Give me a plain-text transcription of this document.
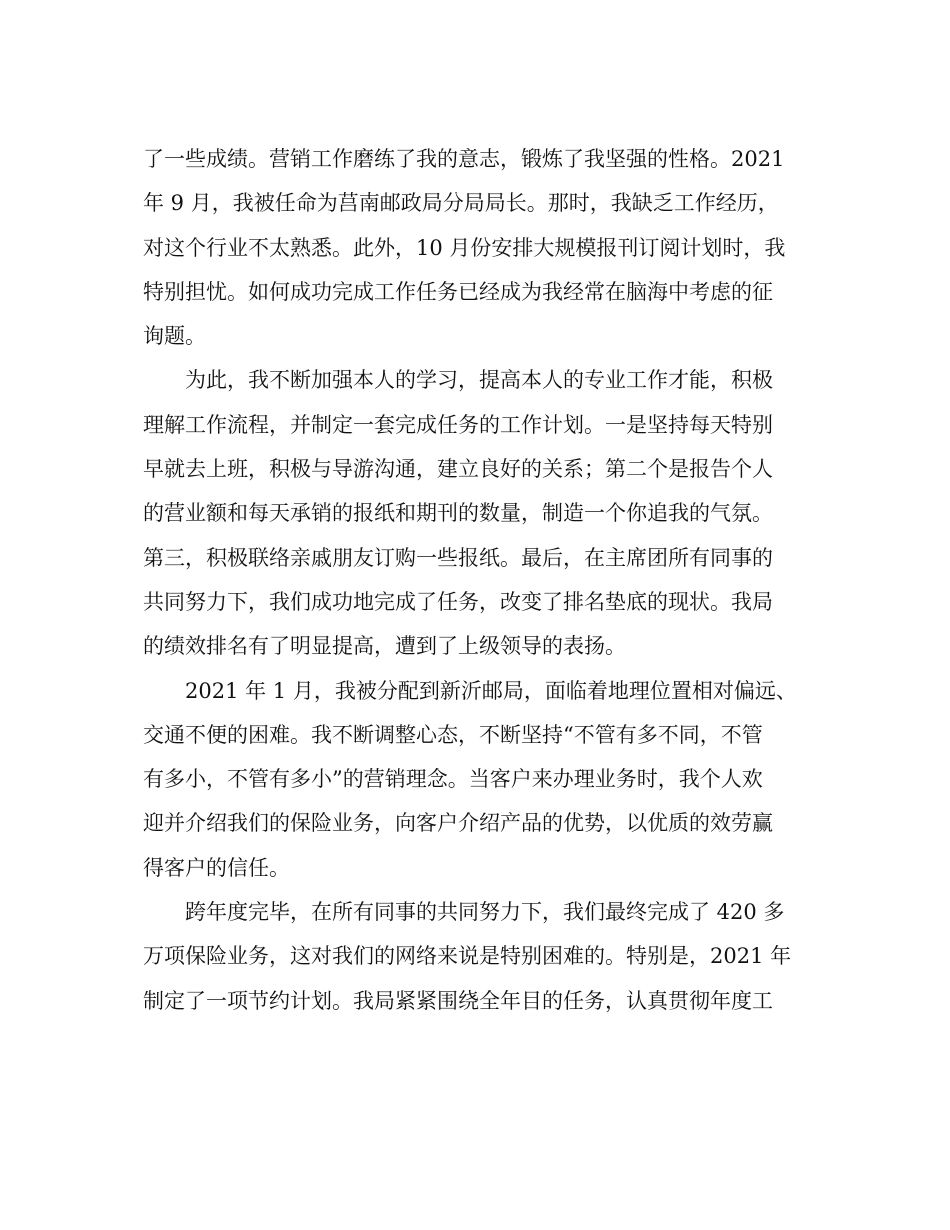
了一些成绩。营销工作磨练了我的意志，锻炼了我坚强的性格。2021
年 9 月，我被任命为莒南邮政局分局局长。那时，我缺乏工作经历，
对这个行业不太熟悉。此外，10 月份安排大规模报刊订阅计划时，我
特别担忧。如何成功完成工作任务已经成为我经常在脑海中考虑的征
询题。
为此，我不断加强本人的学习，提高本人的专业工作才能，积极
理解工作流程，并制定一套完成任务的工作计划。一是坚持每天特别
早就去上班，积极与导游沟通，建立良好的关系；第二个是报告个人
的营业额和每天承销的报纸和期刊的数量，制造一个你追我的气氛。
第三，积极联络亲戚朋友订购一些报纸。最后，在主席团所有同事的
共同努力下，我们成功地完成了任务，改变了排名垫底的现状。我局
的绩效排名有了明显提高，遭到了上级领导的表扬。
2021 年 1 月，我被分配到新沂邮局，面临着地理位置相对偏远、
交通不便的困难。我不断调整心态，不断坚持“不管有多不同，不管
有多小，不管有多小”的营销理念。当客户来办理业务时，我个人欢
迎并介绍我们的保险业务，向客户介绍产品的优势，以优质的效劳赢
得客户的信任。
跨年度完毕，在所有同事的共同努力下，我们最终完成了 420 多
万项保险业务，这对我们的网络来说是特别困难的。特别是，2021 年
制定了一项节约计划。我局紧紧围绕全年目的任务，认真贯彻年度工
